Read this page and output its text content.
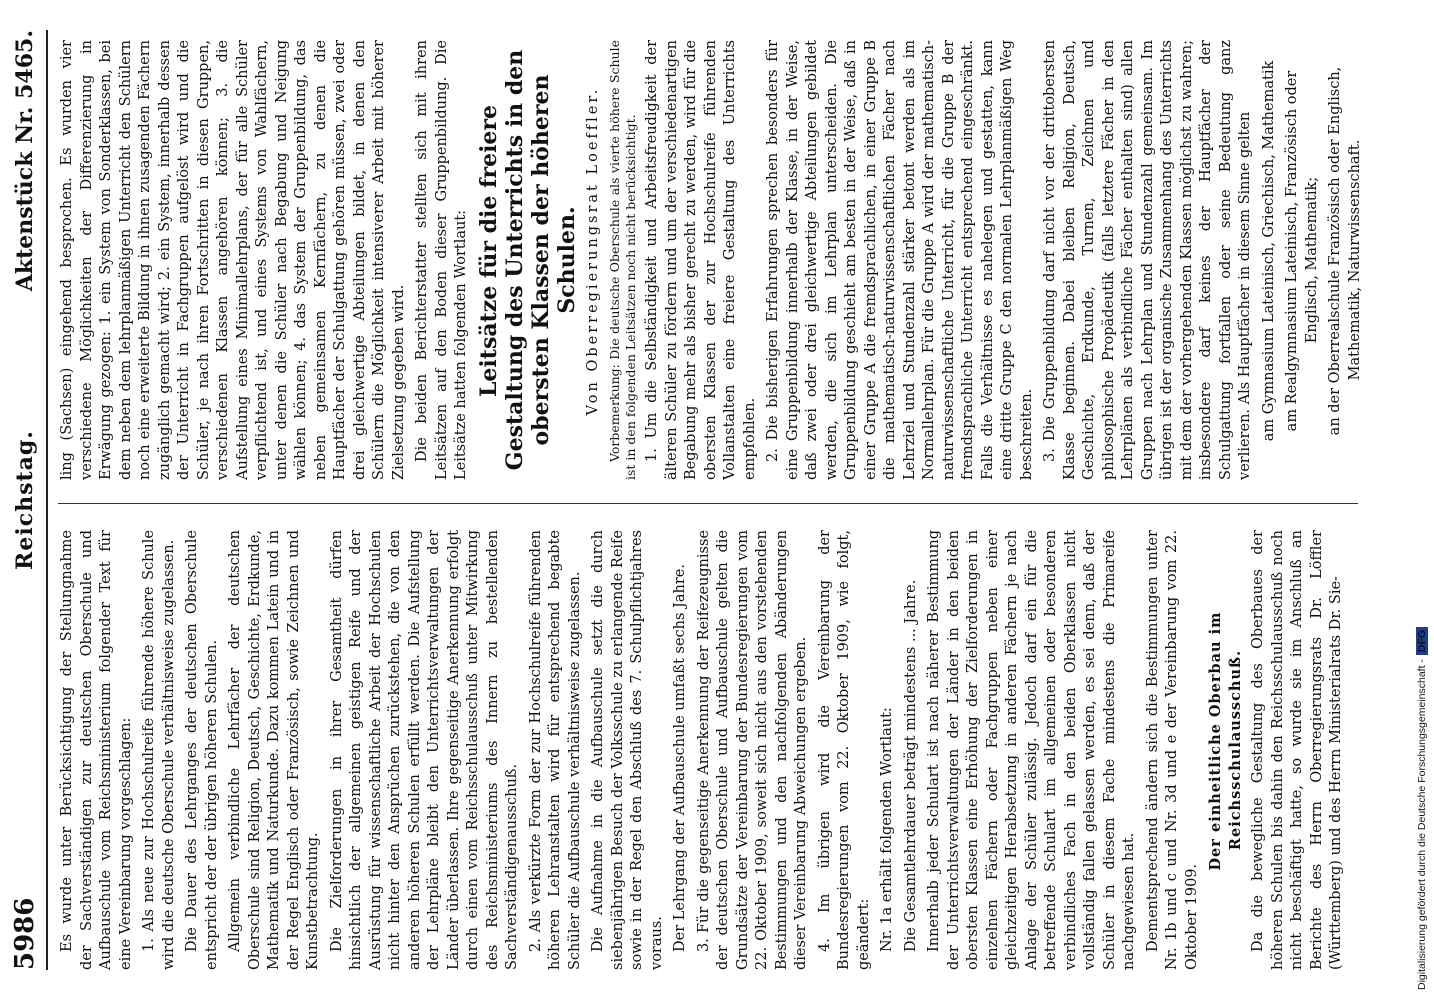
5986
Reichstag.
Aktenstück Nr. 5465.

Es wurde unter Berücksichtigung der Stellungnahme der Sachverständigen zur deutschen Oberschule und Aufbauschule vom Reichsministerium folgender Text für eine Vereinbarung vorgeschlagen: 1. Als neue zur Hochschulreife führende höhere Schule wird die deutsche Oberschule verhältnisweise zugelassen. Die Dauer des Lehrganges der deutschen Oberschule entspricht der der übrigen höheren Schulen. Allgemein verbindliche Lehrfächer der deutschen Oberschule sind Religion, Deutsch, Geschichte, Erdkunde, Mathematik und Naturkunde. Dazu kommen Latein und in der Regel Englisch oder Französisch, sowie Zeichnen und Kunstbetrachtung. Die Zielforderungen in ihrer Gesamtheit dürfen hinsichtlich der allgemeinen geistigen Reife und der Ausrüstung für wissenschaftliche Arbeit der Hochschulen nicht hinter den Ansprüchen zurückstehen, die von den anderen höheren Schulen erfüllt werden. Die Aufstellung der Lehrpläne bleibt den Unterrichtsverwaltungen der Länder überlassen. Ihre gegenseitige Anerkennung erfolgt durch einen vom Reichsschulausschuß unter Mitwirkung des Reichsministeriums des Innern zu bestellenden Sachverständigenausschuß. 2. Als verkürzte Form der zur Hochschulreife führenden höheren Lehranstalten wird für entsprechend begabte Schüler die Aufbauschule verhältnisweise zugelassen. Die Aufnahme in die Aufbauschule setzt die durch siebenjährigen Besuch der Volksschule zu erlangende Reife sowie in der Regel den Abschluß des 7. Schulpflichtjahres voraus. Der Lehrgang der Aufbauschule umfaßt sechs Jahre. 3. Für die gegenseitige Anerkennung der Reifezeugnisse der deutschen Oberschule und Aufbauschule gelten die Grundsätze der Vereinbarung der Bundesregierungen vom 22. Oktober 1909, soweit sich nicht aus den vorstehenden Bestimmungen und den nachfolgenden Abänderungen dieser Vereinbarung Abweichungen ergeben. 4. Im übrigen wird die Vereinbarung der Bundesregierungen vom 22. Oktober 1909, wie folgt, geändert: Nr. 1a erhält folgenden Wortlaut: Die Gesamtlehrdauer beträgt mindestens ... Jahre. Innerhalb jeder Schulart ist nach näherer Bestimmung der Unterrichtsverwaltungen der Länder in den beiden obersten Klassen eine Erhöhung der Zielforderungen in einzelnen Fächern oder Fachgruppen neben einer gleichzeitigen Herabsetzung in anderen Fächern je nach Anlage der Schüler zulässig. Jedoch darf ein für die betreffende Schulart im allgemeinen oder besonderen verbindliches Fach in den beiden Oberklassen nicht vollständig fallen gelassen werden, es sei denn, daß der Schüler in diesem Fache mindestens die Primareife nachgewiesen hat. Dementsprechend ändern sich die Bestimmungen unter Nr. 1b und c und Nr. 3d und e der Vereinbarung vom 22. Oktober 1909.

Der einheitliche Oberbau im Reichsschulausschuß. Da die bewegliche Gestaltung des Oberbaues der höheren Schulen bis dahin den Reichsschulausschuß noch nicht beschäftigt hatte, so wurde sie im Anschluß an Berichte des Herrn Oberregierungsrats Dr. Löffler (Württemberg) und des Herrn Ministerialrats Dr. Sie-

ling (Sachsen) eingehend besprochen. Es wurden vier verschiedene Möglichkeiten der Differenzierung in Erwägung gezogen: 1. ein System von Sonderklassen, bei dem neben dem lehrplanmäßigen Unterricht den Schülern noch eine erweiterte Bildung in ihnen zusagenden Fächern zugänglich gemacht wird; 2. ein System, innerhalb dessen der Unterricht in Fachgruppen aufgelöst wird und die Schüler, je nach ihren Fortschritten in diesen Gruppen, verschiedenen Klassen angehören können; 3. die Aufstellung eines Minimallehrplans, der für alle Schüler verpflichtend ist, und eines Systems von Wahlfächern, unter denen die Schüler nach Begabung und Neigung wählen können; 4. das System der Gruppenbildung, das neben gemeinsamen Kernfächern, zu denen die Hauptfächer der Schulgattung gehören müssen, zwei oder drei gleichwertige Abteilungen bildet, in denen den Schülern die Möglichkeit intensiverer Arbeit mit höherer Zielsetzung gegeben wird. Die beiden Berichterstatter stellten sich mit ihren Leitsätzen auf den Boden dieser Gruppenbildung. Die Leitsätze hatten folgenden Wortlaut: Leitsätze für die freiere Gestaltung des Unterrichts in den obersten Klassen der höheren Schulen. Von Oberregierungsrat Loeffler. Vorbemerkung: Die deutsche Oberschule als vierte höhere Schule ist in den folgenden Leitsätzen noch nicht berücksichtigt. 1. Um die Selbständigkeit und Arbeitsfreudigkeit der älteren Schüler zu fördern und um der verschiedenartigen Begabung mehr als bisher gerecht zu werden, wird für die obersten Klassen der zur Hochschulreife führenden Vollanstalten eine freiere Gestaltung des Unterrichts empfohlen. 2. Die bisherigen Erfahrungen sprechen besonders für eine Gruppenbildung innerhalb der Klasse, in der Weise, daß zwei oder drei gleichwertige Abteilungen gebildet werden, die sich im Lehrplan unterscheiden. Die Gruppenbildung geschieht am besten in der Weise, daß in einer Gruppe A die fremdsprachlichen, in einer Gruppe B die mathematisch-naturwissenschaftlichen Fächer nach Lehrziel und Stundenzahl stärker betont werden als im Normallehrplan. Für die Gruppe A wird der mathematisch-naturwissenschaftliche Unterricht, für die Gruppe B der fremdsprachliche Unterricht entsprechend eingeschränkt. Falls die Verhältnisse es nahelegen und gestatten, kann eine dritte Gruppe C den normalen Lehrplanmäßigen Weg beschreiten. 3. Die Gruppenbildung darf nicht vor der drittobersten Klasse beginnen. Dabei bleiben Religion, Deutsch, Geschichte, Erdkunde, Turnen, Zeichnen und philosophische Propädeutik (falls letztere Fächer in den Lehrplänen als verbindliche Fächer enthalten sind) allen Gruppen nach Lehrplan und Stundenzahl gemeinsam. Im übrigen ist der organische Zusammenhang des Unterrichts mit dem der vorhergehenden Klassen möglichst zu wahren; insbesondere darf keines der Hauptfächer der Schulgattung fortfallen oder seine Bedeutung ganz verlieren. Als Hauptfächer in diesem Sinne gelten am Gymnasium Lateinisch, Griechisch, Mathematik am Realgymnasium Lateinisch, Französisch oder Englisch, Mathematik; an der Oberrealschule Französisch oder Englisch, Mathematik, Naturwissenschaft.

Digitalisierung gefördert durch die Deutsche Forschungsgemeinschaft -DFG
